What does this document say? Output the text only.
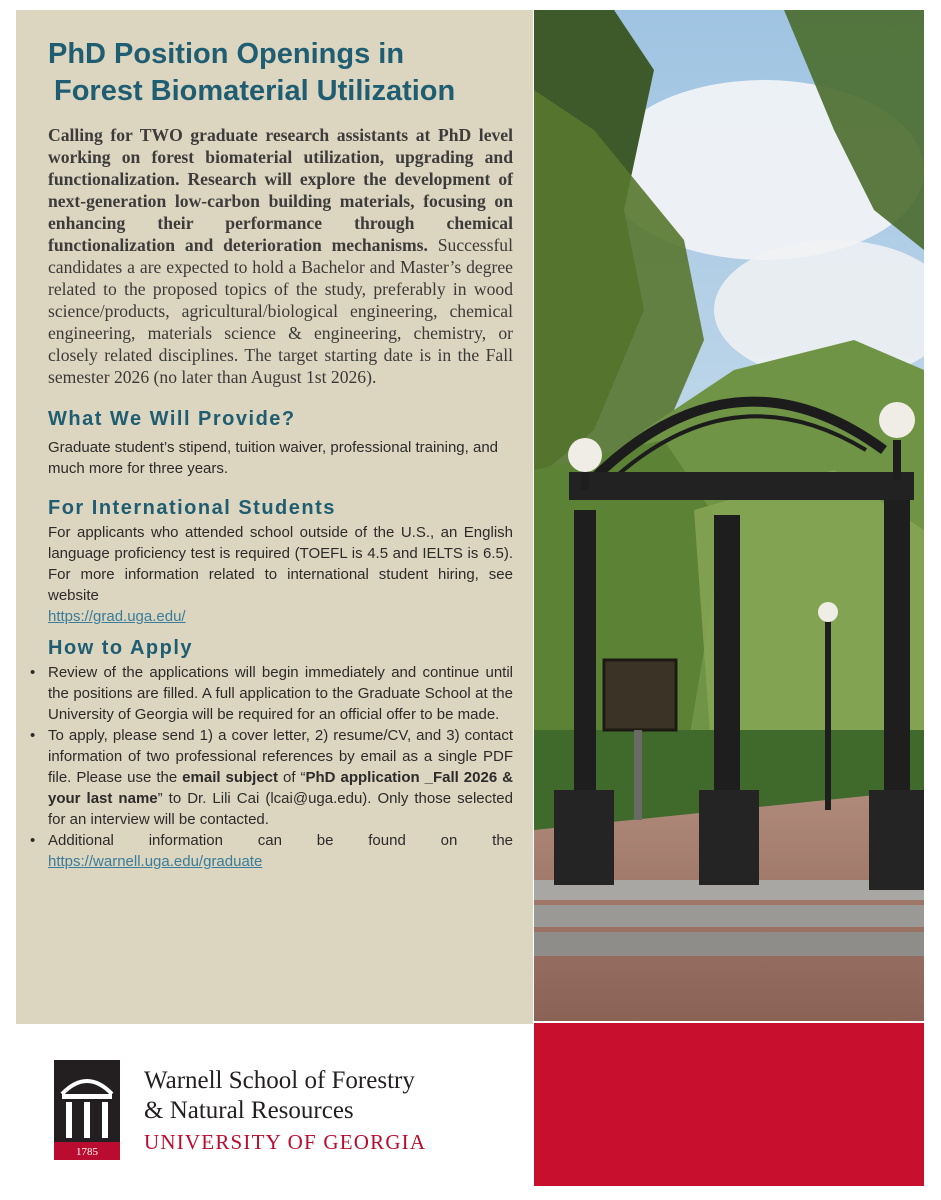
PhD Position Openings in
Forest Biomaterial Utilization

Calling for TWO graduate research assistants at PhD level working on forest biomaterial utilization, upgrading and functionalization. Research will explore the development of next-generation low-carbon building materials, focusing on enhancing their performance through chemical functionalization and deterioration mechanisms. Successful candidates a are expected to hold a Bachelor and Master’s degree related to the proposed topics of the study, preferably in wood science/products, agricultural/biological engineering, chemical engineering, materials science & engineering, chemistry, or closely related disciplines. The target starting date is in the Fall semester 2026 (no later than August 1st 2026).

What We Will Provide?

Graduate student’s stipend, tuition waiver, professional training, and much more for three years.

For International Students

For applicants who attended school outside of the U.S., an English language proficiency test is required (TOEFL is 4.5 and IELTS is 6.5). For more information related to international student hiring, see website
https://grad.uga.edu/

How to Apply
• Review of the applications will begin immediately and continue until the positions are filled. A full application to the Graduate School at the University of Georgia will be required for an official offer to be made.
• To apply, please send 1) a cover letter, 2) resume/CV, and 3) contact information of two professional references by email as a single PDF file. Please use the email subject of “PhD application _Fall 2026 & your last name” to Dr. Lili Cai (lcai@uga.edu). Only those selected for an interview will be contacted.
• Additional information can be found on the
https://warnell.uga.edu/graduate
1785
Warnell School of Forestry
& Natural Resources
UNIVERSITY OF GEORGIA
